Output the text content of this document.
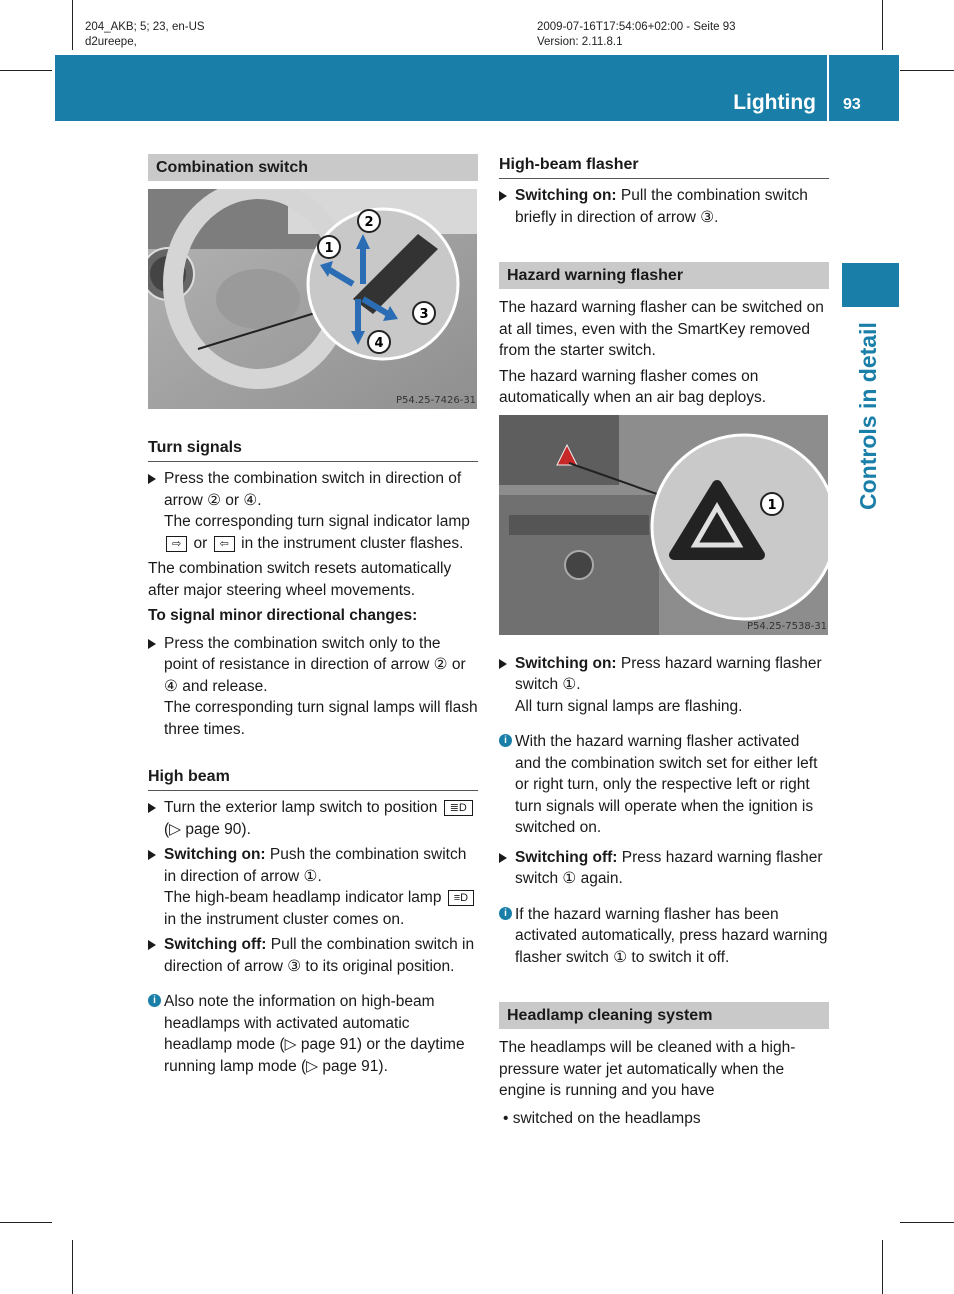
204_AKB; 5; 23, en-US
d2ureepe,
2009-07-16T17:54:06+02:00 - Seite 93
Version: 2.11.8.1
Lighting 93
Controls in detail
Combination switch
1
2
3
4
P54.25-7426-31
Turn signals
Press the combination switch in direction of arrow ② or ④.
The corresponding turn signal indicator lamp ⇨ or ⇦ in the instrument cluster flashes.

The combination switch resets automatically after major steering wheel movements.

To signal minor directional changes:

Press the combination switch only to the point of resistance in direction of arrow ② or ④ and release.
The corresponding turn signal lamps will flash three times.
High beam
Turn the exterior lamp switch to position ≣D (▷ page 90).
Switching on: Push the combination switch in direction of arrow ①.
The high-beam headlamp indicator lamp ≡D in the instrument cluster comes on.
Switching off: Pull the combination switch in direction of arrow ③ to its original position.
i Also note the information on high-beam headlamps with activated automatic headlamp mode (▷ page 91) or the daytime running lamp mode (▷ page 91).
High-beam flasher
Switching on: Pull the combination switch briefly in direction of arrow ③.
Hazard warning flasher

The hazard warning flasher can be switched on at all times, even with the SmartKey removed from the starter switch.

The hazard warning flasher comes on automatically when an air bag deploys.

1
P54.25-7538-31
Switching on: Press hazard warning flasher switch ①.
All turn signal lamps are flashing.
i With the hazard warning flasher activated and the combination switch set for either left or right turn, only the respective left or right turn signals will operate when the ignition is switched on.
Switching off: Press hazard warning flasher switch ① again.
i If the hazard warning flasher has been activated automatically, press hazard warning flasher switch ① to switch it off.
Headlamp cleaning system

The headlamps will be cleaned with a high-pressure water jet automatically when the engine is running and you have

• switched on the headlamps
